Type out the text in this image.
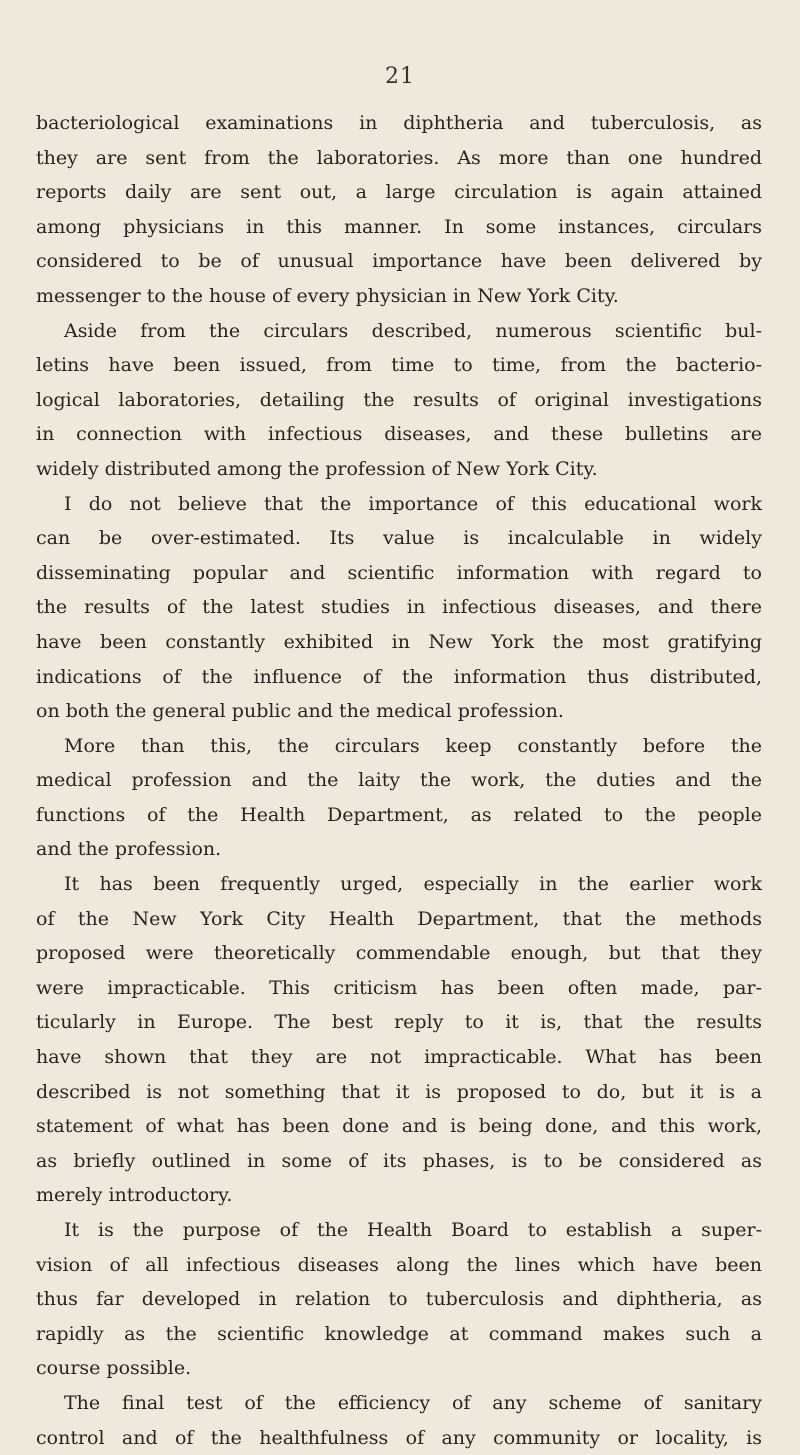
21

bacteriological examinations in diphtheria and tuberculosis, as
they are sent from the laboratories. As more than one hundred
reports daily are sent out, a large circulation is again attained
among physicians in this manner. In some instances, circulars
considered to be of unusual importance have been delivered by
messenger to the house of every physician in New York City.

Aside from the circulars described, numerous scientific bul-
letins have been issued, from time to time, from the bacterio-
logical laboratories, detailing the results of original investigations
in connection with infectious diseases, and these bulletins are
widely distributed among the profession of New York City.

I do not believe that the importance of this educational work
can be over-estimated. Its value is incalculable in widely
disseminating popular and scientific information with regard to
the results of the latest studies in infectious diseases, and there
have been constantly exhibited in New York the most gratifying
indications of the influence of the information thus distributed,
on both the general public and the medical profession.

More than this, the circulars keep constantly before the
medical profession and the laity the work, the duties and the
functions of the Health Department, as related to the people
and the profession.

It has been frequently urged, especially in the earlier work
of the New York City Health Department, that the methods
proposed were theoretically commendable enough, but that they
were impracticable. This criticism has been often made, par-
ticularly in Europe. The best reply to it is, that the results
have shown that they are not impracticable. What has been
described is not something that it is proposed to do, but it is a
statement of what has been done and is being done, and this work,
as briefly outlined in some of its phases, is to be considered as
merely introductory.

It is the purpose of the Health Board to establish a super-
vision of all infectious diseases along the lines which have been
thus far developed in relation to tuberculosis and diphtheria, as
rapidly as the scientific knowledge at command makes such a
course possible.

The final test of the efficiency of any scheme of sanitary
control and of the healthfulness of any community or locality, is
